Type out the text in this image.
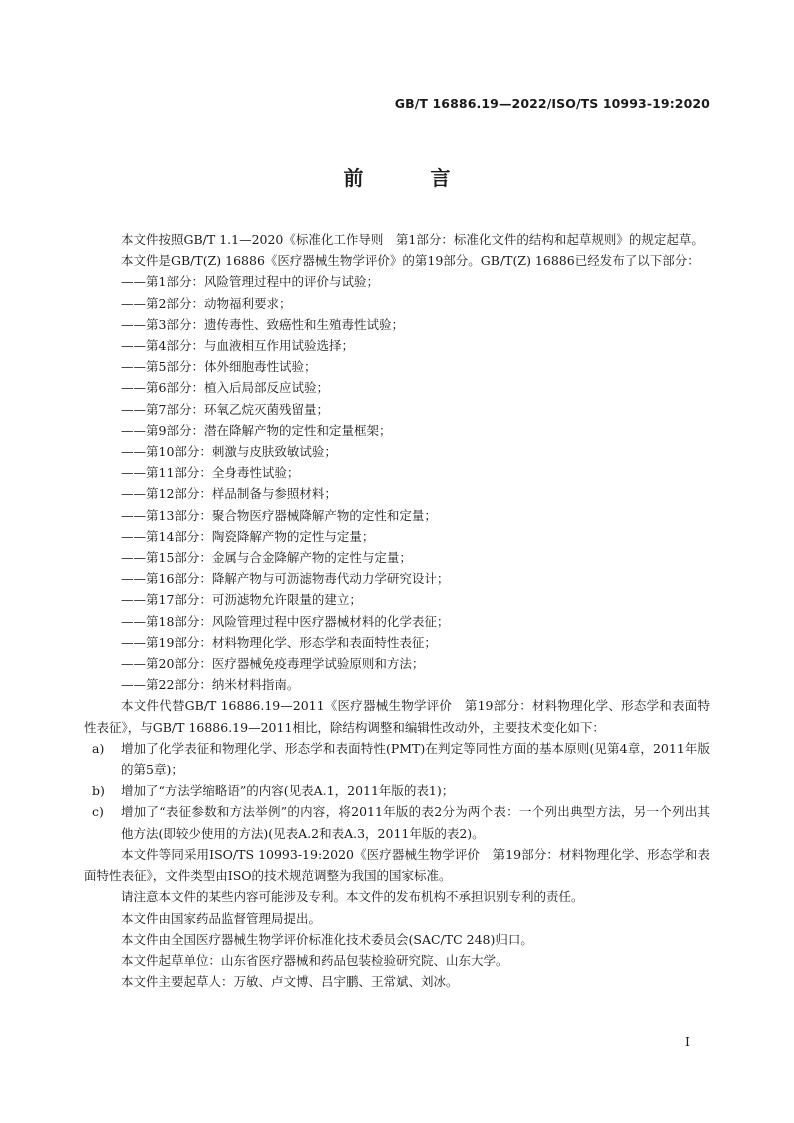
GB/T 16886.19—2022/ISO/TS 10993-19:2020
前 言
本文件按照GB/T 1.1—2020《标准化工作导则　第1部分：标准化文件的结构和起草规则》的规定起草。
本文件是GB/T(Z) 16886《医疗器械生物学评价》的第19部分。GB/T(Z) 16886已经发布了以下部分：
——第1部分：风险管理过程中的评价与试验；
——第2部分：动物福利要求；
——第3部分：遗传毒性、致癌性和生殖毒性试验；
——第4部分：与血液相互作用试验选择；
——第5部分：体外细胞毒性试验；
——第6部分：植入后局部反应试验；
——第7部分：环氧乙烷灭菌残留量；
——第9部分：潜在降解产物的定性和定量框架；
——第10部分：刺激与皮肤致敏试验；
——第11部分：全身毒性试验；
——第12部分：样品制备与参照材料；
——第13部分：聚合物医疗器械降解产物的定性和定量；
——第14部分：陶瓷降解产物的定性与定量；
——第15部分：金属与合金降解产物的定性与定量；
——第16部分：降解产物与可沥滤物毒代动力学研究设计；
——第17部分：可沥滤物允许限量的建立；
——第18部分：风险管理过程中医疗器械材料的化学表征；
——第19部分：材料物理化学、形态学和表面特性表征；
——第20部分：医疗器械免疫毒理学试验原则和方法；
——第22部分：纳米材料指南。
本文件代替GB/T 16886.19—2011《医疗器械生物学评价　第19部分：材料物理化学、形态学和表面特性表征》，与GB/T 16886.19—2011相比，除结构调整和编辑性改动外，主要技术变化如下：
a) 增加了化学表征和物理化学、形态学和表面特性(PMT)在判定等同性方面的基本原则(见第4章，2011年版的第5章)；
b) 增加了“方法学缩略语”的内容(见表A.1，2011年版的表1)；
c) 增加了“表征参数和方法举例”的内容，将2011年版的表2分为两个表：一个列出典型方法，另一个列出其他方法(即较少使用的方法)(见表A.2和表A.3，2011年版的表2)。
本文件等同采用ISO/TS 10993-19:2020《医疗器械生物学评价　第19部分：材料物理化学、形态学和表面特性表征》，文件类型由ISO的技术规范调整为我国的国家标准。
请注意本文件的某些内容可能涉及专利。本文件的发布机构不承担识别专利的责任。
本文件由国家药品监督管理局提出。
本文件由全国医疗器械生物学评价标准化技术委员会(SAC/TC 248)归口。
本文件起草单位：山东省医疗器械和药品包装检验研究院、山东大学。
本文件主要起草人：万敏、卢文博、吕宇鹏、王常斌、刘冰。
I
